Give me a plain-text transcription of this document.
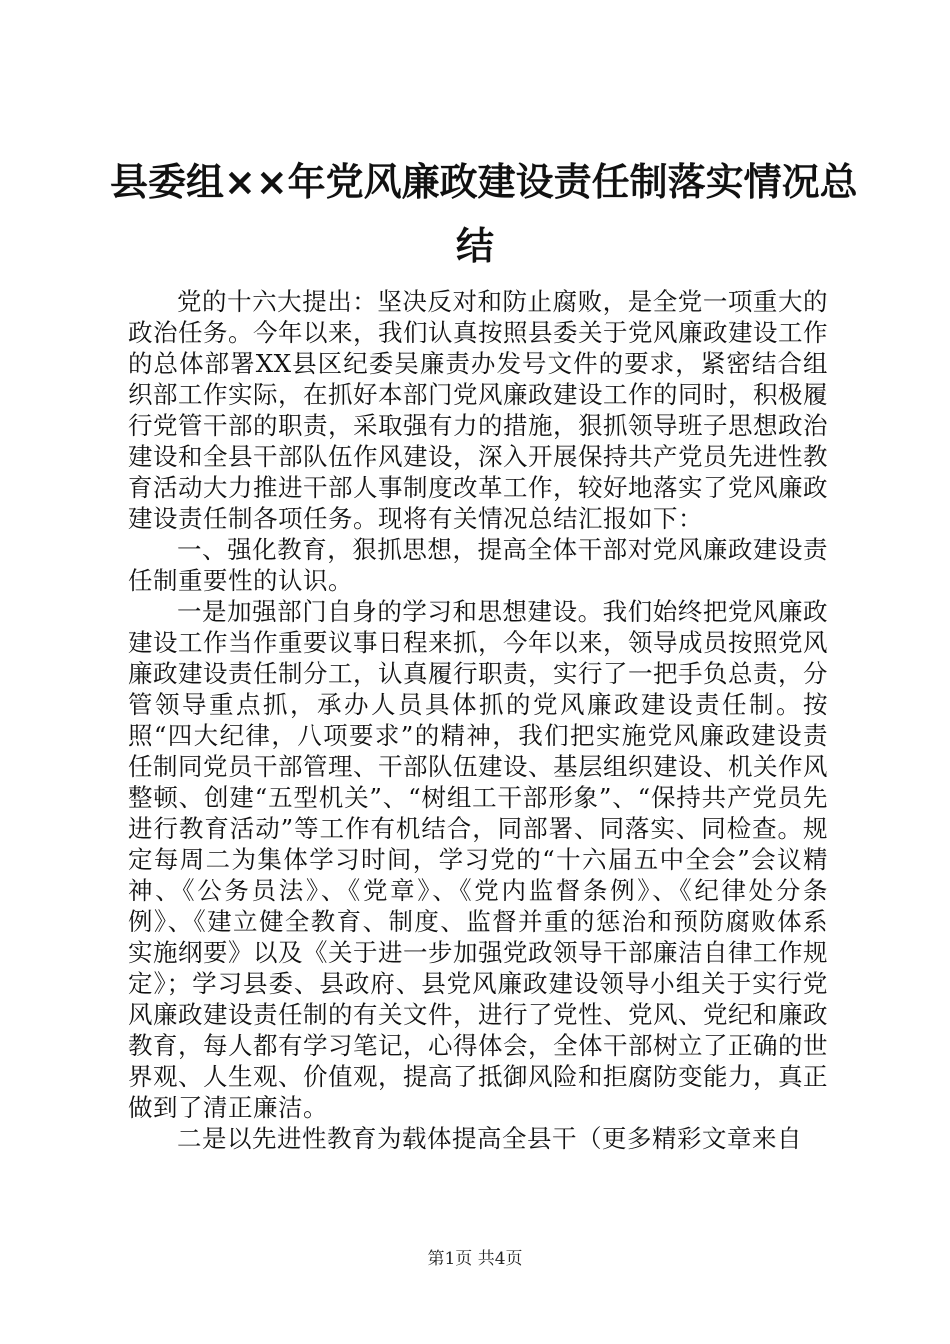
县委组××年党风廉政建设责任制落实情况总
结

党的十六大提出：坚决反对和防止腐败，是全党一项重大的政治任务。今年以来，我们认真按照县委关于党风廉政建设工作的总体部署XX县区纪委吴廉责办发号文件的要求，紧密结合组织部工作实际，在抓好本部门党风廉政建设工作的同时，积极履行党管干部的职责，采取强有力的措施，狠抓领导班子思想政治建设和全县干部队伍作风建设，深入开展保持共产党员先进性教育活动大力推进干部人事制度改革工作，较好地落实了党风廉政建设责任制各项任务。现将有关情况总结汇报如下：

一、强化教育，狠抓思想，提高全体干部对党风廉政建设责任制重要性的认识。

一是加强部门自身的学习和思想建设。我们始终把党风廉政建设工作当作重要议事日程来抓，今年以来，领导成员按照党风廉政建设责任制分工，认真履行职责，实行了一把手负总责，分管领导重点抓，承办人员具体抓的党风廉政建设责任制。按照“四大纪律，八项要求”的精神，我们把实施党风廉政建设责任制同党员干部管理、干部队伍建设、基层组织建设、机关作风整顿、创建“五型机关”、“树组工干部形象”、“保持共产党员先进行教育活动”等工作有机结合，同部署、同落实、同检查。规定每周二为集体学习时间，学习党的“十六届五中全会”会议精神、《公务员法》、《党章》、《党内监督条例》、《纪律处分条例》、《建立健全教育、制度、监督并重的惩治和预防腐败体系实施纲要》以及《关于进一步加强党政领导干部廉洁自律工作规定》；学习县委、县政府、县党风廉政建设领导小组关于实行党风廉政建设责任制的有关文件，进行了党性、党风、党纪和廉政教育，每人都有学习笔记，心得体会，全体干部树立了正确的世界观、人生观、价值观，提高了抵御风险和拒腐防变能力，真正做到了清正廉洁。

二是以先进性教育为载体提高全县干（更多精彩文章来自

第1页 共4页
